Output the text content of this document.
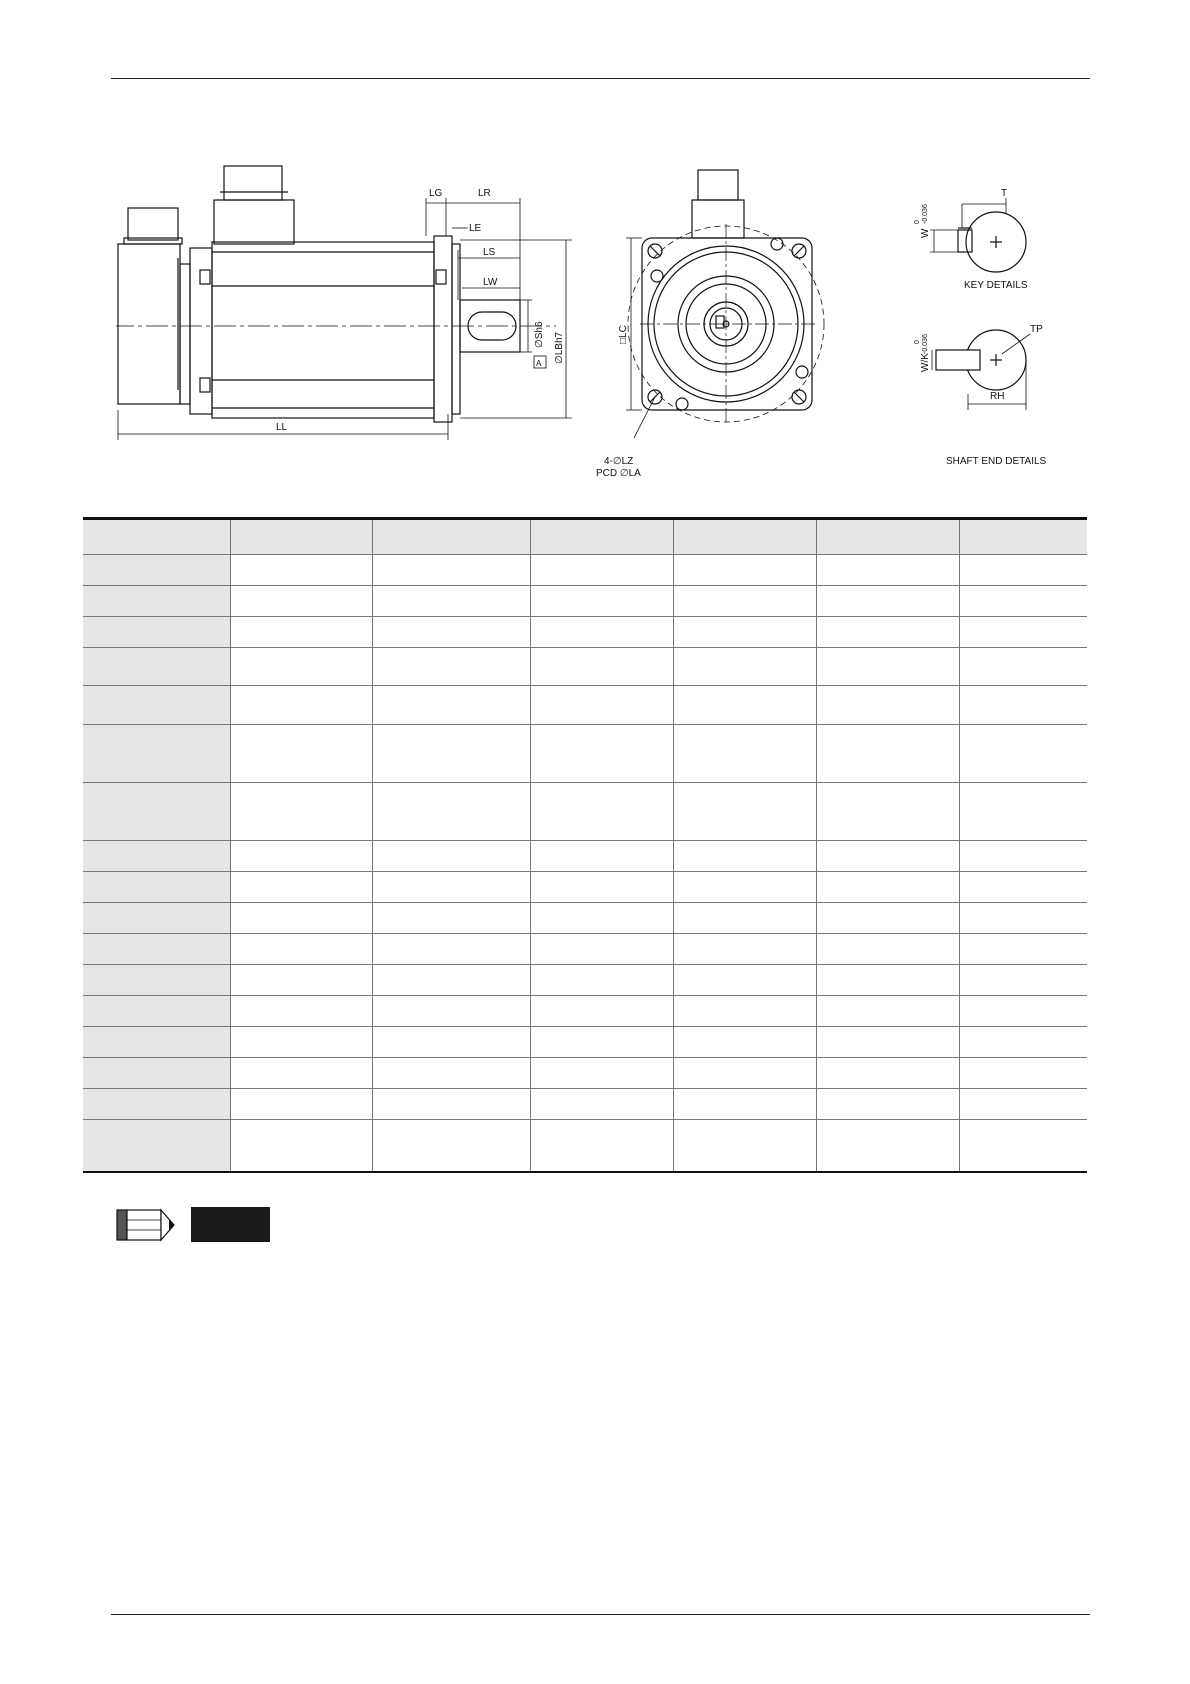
LG	LR
LE
LS
LW
∅Sh6 ∅LBh7
A
LL
□LC
4-∅LZ
PCD ∅LA
T
W
0 -0.036
KEY DETAILS
TP
W/K
0 -0.036
RH
SHAFT END DETAILS
